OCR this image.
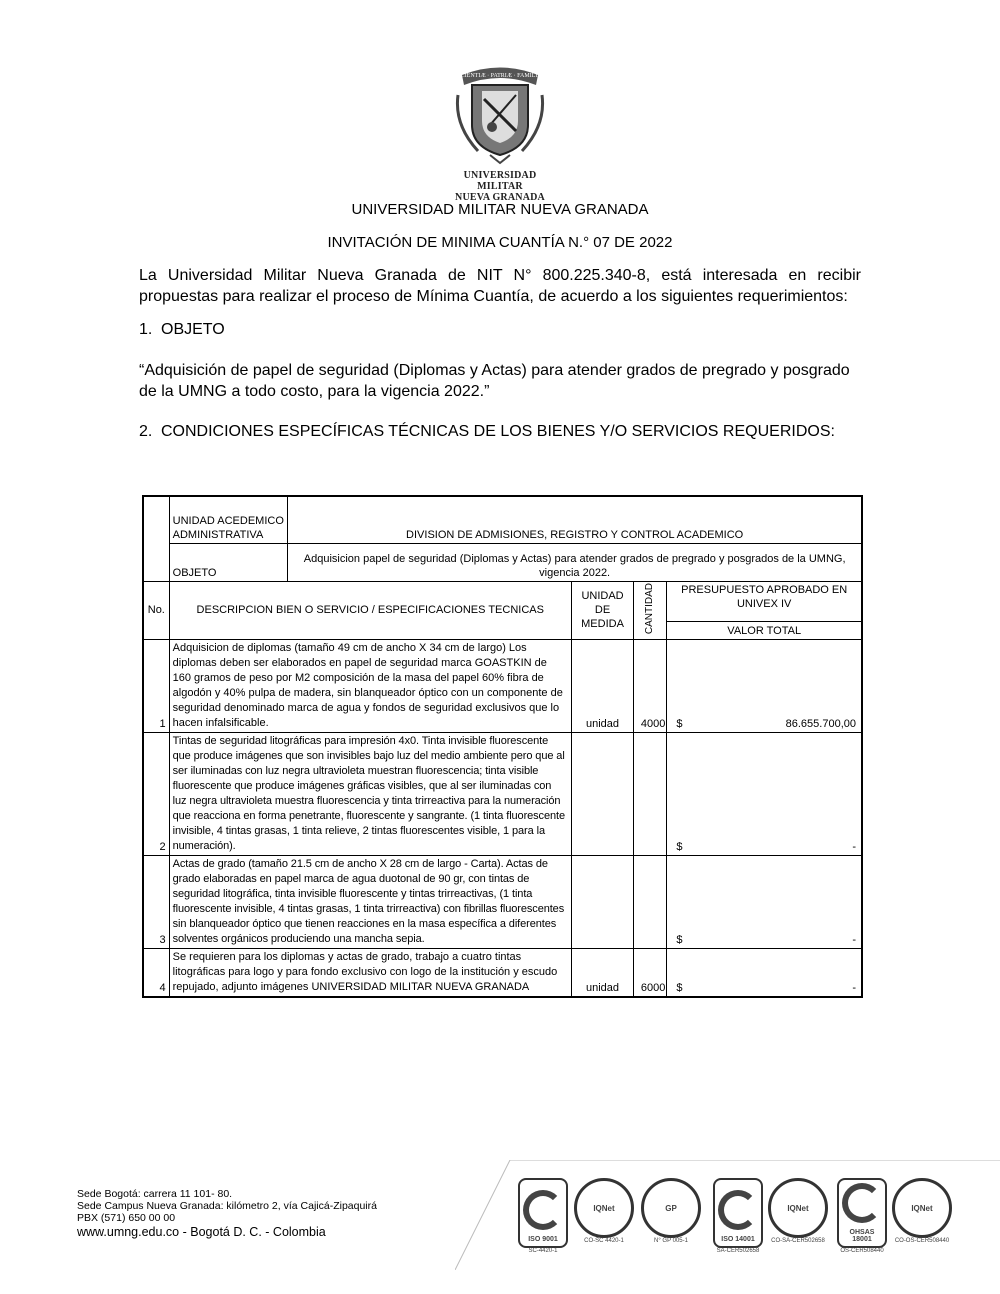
SCIENTIÆ · PATRIÆ · FAMILIÆ
UNIVERSIDAD MILITAR
NUEVA GRANADA
UNIVERSIDAD MILITAR NUEVA GRANADA
INVITACIÓN DE MINIMA CUANTÍA N.° 07 DE 2022
La Universidad Militar Nueva Granada de NIT N° 800.225.340-8, está interesada en recibir
propuestas para realizar el proceso de Mínima Cuantía, de acuerdo a los siguientes requerimientos:
1. OBJETO
“Adquisición de papel de seguridad (Diplomas y Actas) para atender grados de pregrado y posgrado de la UMNG a todo costo, para la vigencia 2022.”
2. CONDICIONES ESPECÍFICAS TÉCNICAS DE LOS BIENES Y/O SERVICIOS REQUERIDOS:
	UNIDAD ACEDEMICO ADMINISTRATIVA	DIVISION DE ADMISIONES, REGISTRO Y CONTROL ACADEMICO			
	OBJETO	Adquisicion papel de seguridad (Diplomas y Actas) para atender grados de pregrado y posgrados de la UMNG, vigencia 2022.			
No.	DESCRIPCION BIEN O SERVICIO / ESPECIFICACIONES TECNICAS		UNIDAD DE MEDIDA	CANTIDAD	PRESUPUESTO APROBADO EN UNIVEX IV
					VALOR TOTAL
1	Adquisicion de diplomas (tamaño 49 cm de ancho X 34 cm de largo) Los diplomas deben ser elaborados en papel de seguridad marca GOASTKIN de 160 gramos de peso por M2 composición de la masa del papel 60% fibra de algodón y 40% pulpa de madera, sin blanqueador óptico con un componente de seguridad denominado marca de agua y fondos de seguridad exclusivos que lo hacen infalsificable.		unidad	4000	$ 86.655.700,00

2	Tintas de seguridad litográficas para impresión 4x0. Tinta invisible fluorescente que produce imágenes que son invisibles bajo luz del medio ambiente pero que al ser iluminadas con luz negra ultravioleta muestran fluorescencia; tinta visible fluorescente que produce imágenes gráficas visibles, que al ser iluminadas con luz negra ultravioleta muestra fluorescencia y tinta trirreactiva para la numeración que reacciona en forma penetrante, fluorescente y sangrante. (1 tinta fluorescente invisible, 4 tintas grasas, 1 tinta relieve, 2 tintas fluorescentes visible, 1 para la numeración).				$ -

3	Actas de grado (tamaño 21.5 cm de ancho X 28 cm de largo - Carta). Actas de grado elaboradas en papel marca de agua duotonal de 90 gr, con tintas de seguridad litográfica, tinta invisible fluorescente y tintas trirreactivas, (1 tinta fluorescente invisible, 4 tintas grasas, 1 tinta trirreactiva) con fibrillas fluorescentes sin blanqueador óptico que tienen reacciones en la masa específica a diferentes solventes orgánicos produciendo una mancha sepia.				$ -

4	Se requieren para los diplomas y actas de grado, trabajo a cuatro tintas litográficas para logo y para fondo exclusivo con logo de la institución y escudo repujado, adjunto imágenes UNIVERSIDAD MILITAR NUEVA GRANADA		unidad	6000	$ -
Sede Bogotá: carrera 11 101- 80.
Sede Campus Nueva Granada: kilómetro 2, vía Cajicá-Zipaquirá
PBX (571) 650 00 00
www.umng.edu.co - Bogotá D. C. - Colombia
ISO 9001
SC-4420-1
IQNet
CO-SC 4420-1
GP
N° GP 005-1	ISO 14001
SA-CER502658
IQNet
CO-SA-CER502658
OHSAS 18001
OS-CER508440
IQNet
CO-OS-CER508440
